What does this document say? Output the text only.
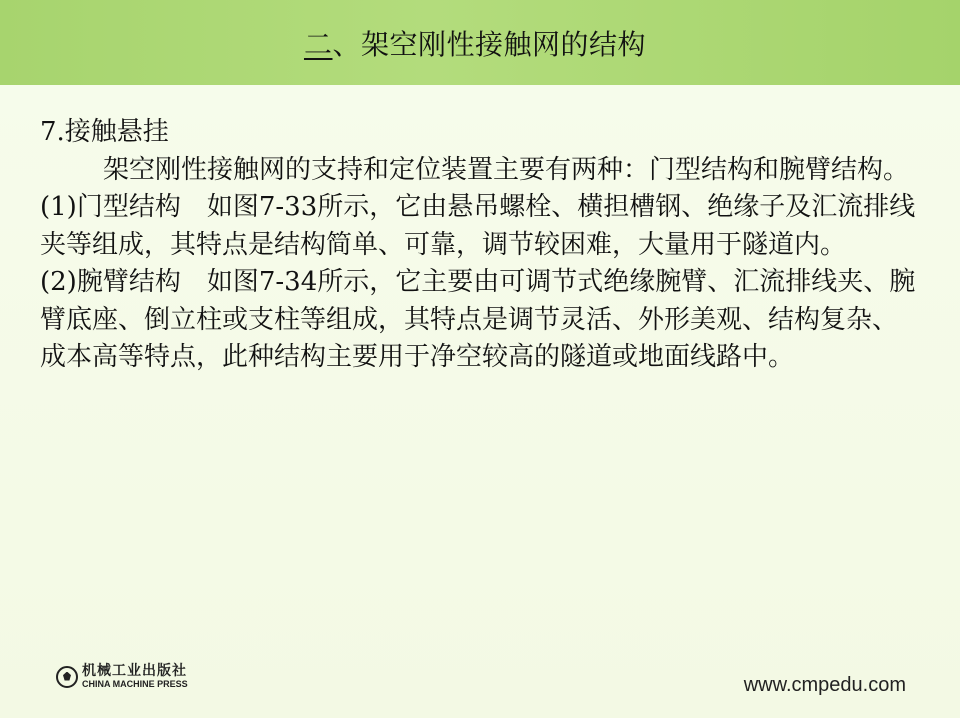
二、架空刚性接触网的结构

7.接触悬挂

架空刚性接触网的支持和定位装置主要有两种：门型结构和腕臂结构。

(1)门型结构　如图7-33所示，它由悬吊螺栓、横担槽钢、绝缘子及汇流排线夹等组成，其特点是结构简单、可靠，调节较困难，大量用于隧道内。

(2)腕臂结构　如图7-34所示，它主要由可调节式绝缘腕臂、汇流排线夹、腕臂底座、倒立柱或支柱等组成，其特点是调节灵活、外形美观、结构复杂、成本高等特点，此种结构主要用于净空较高的隧道或地面线路中。

机械工业出版社
CHINA MACHINE PRESS	www.cmpedu.com
